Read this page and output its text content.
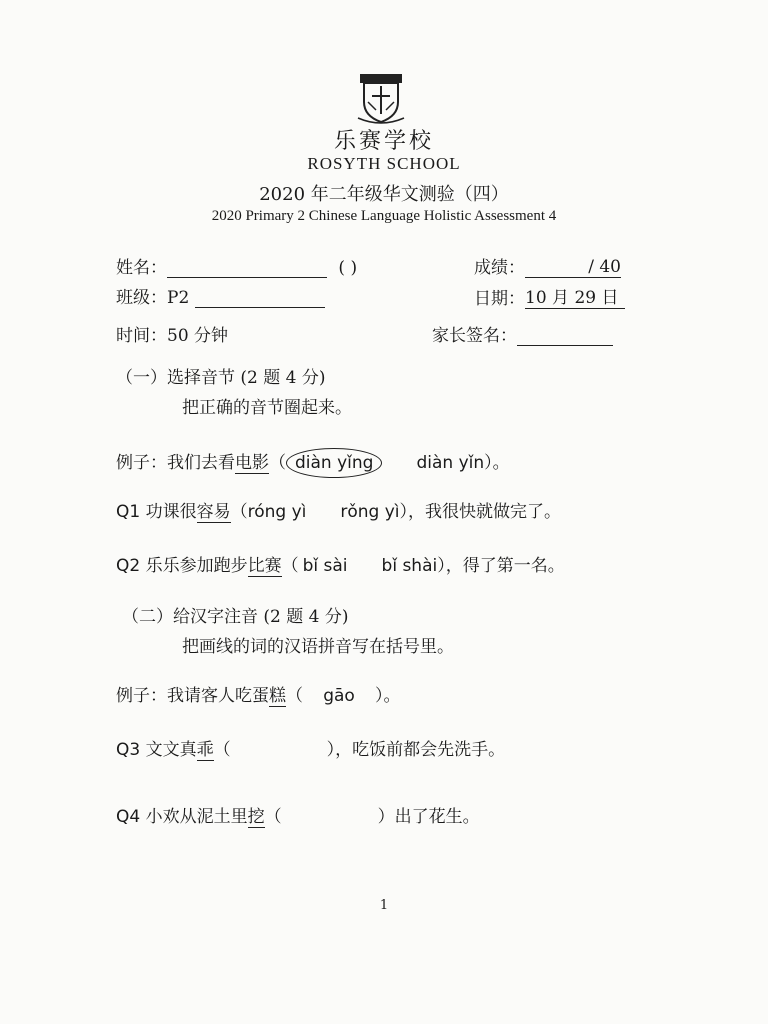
乐赛学校
ROSYTH SCHOOL
2020 年二年级华文测验（四）
2020 Primary 2 Chinese Language Holistic Assessment 4
姓名：	( )	成绩：	/ 40
班级：P2	日期：10 月 29 日
时间：50 分钟	家长签名：
（一）选择音节 (2 题 4 分)
把正确的音节圈起来。
例子：我们去看电影（ diàn yǐng	diàn yǐn）。
Q1 功课很容易（róng yì rǒng yì），我很快就做完了。
Q2 乐乐参加跑步比赛（ bǐ sài bǐ shài），得了第一名。
（二）给汉字注音 (2 题 4 分)
把画线的词的汉语拼音写在括号里。
例子：我请客人吃蛋糕（ gāo ）。
Q3 文文真乖（	），吃饭前都会先洗手。
Q4 小欢从泥土里挖（	）出了花生。
1
